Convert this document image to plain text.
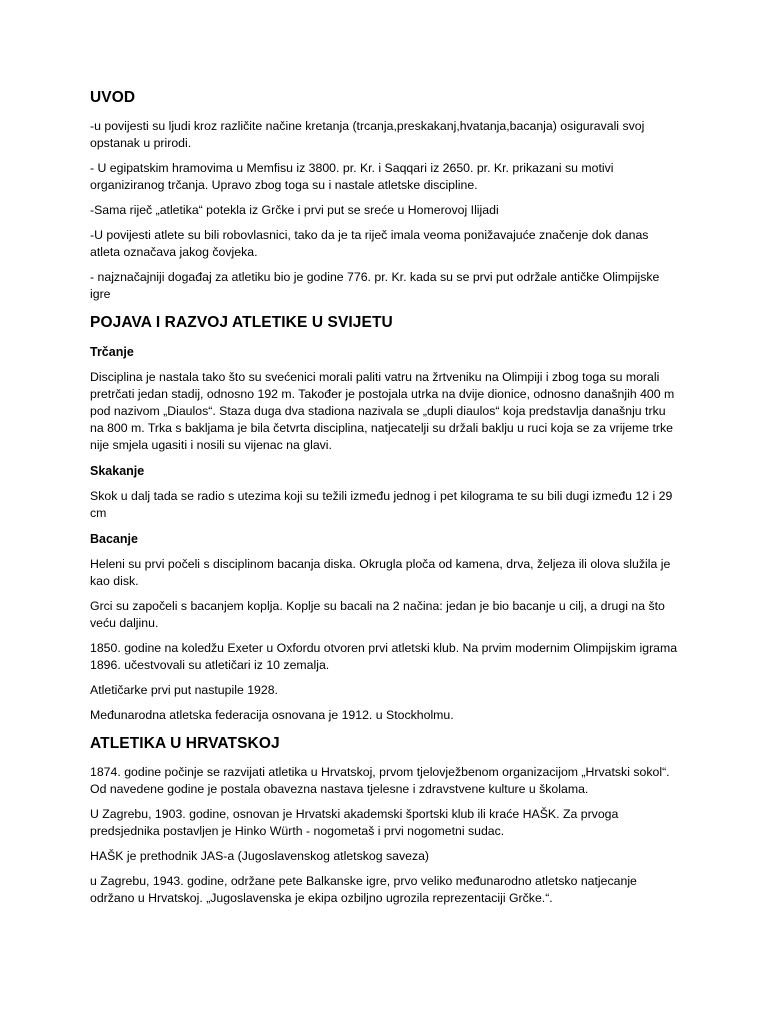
UVOD

-u povijesti su ljudi kroz različite načine kretanja (trcanja,preskakanj,hvatanja,bacanja) osiguravali svoj opstanak u prirodi.

- U egipatskim hramovima u Memfisu iz 3800. pr. Kr. i Saqqari iz 2650. pr. Kr. prikazani su motivi organiziranog trčanja. Upravo zbog toga su i nastale atletske discipline.

-Sama riječ „atletika“ potekla iz Grčke i prvi put se sreće u Homerovoj Ilijadi

-U povijesti atlete su bili robovlasnici, tako da je ta riječ imala veoma ponižavajuće značenje dok danas atleta označava jakog čovjeka.

- najznačajniji događaj za atletiku bio je godine 776. pr. Kr. kada su se prvi put održale antičke Olimpijske igre

POJAVA I RAZVOJ ATLETIKE U SVIJETU
Trčanje

Disciplina je nastala tako što su svećenici morali paliti vatru na žrtveniku na Olimpiji i zbog toga su morali pretrčati jedan stadij, odnosno 192 m. Također je postojala utrka na dvije dionice, odnosno današnjih 400 m pod nazivom „Diaulos“. Staza duga dva stadiona nazivala se „dupli diaulos“ koja predstavlja današnju trku na 800 m. Trka s bakljama je bila četvrta disciplina, natjecatelji su držali baklju u ruci koja se za vrijeme trke nije smjela ugasiti i nosili su vijenac na glavi.

Skakanje

Skok u dalj tada se radio s utezima koji su težili između jednog i pet kilograma te su bili dugi između 12 i 29 cm

Bacanje

Heleni su prvi počeli s disciplinom bacanja diska. Okrugla ploča od kamena, drva, željeza ili olova služila je kao disk.

Grci su započeli s bacanjem koplja. Koplje su bacali na 2 načina: jedan je bio bacanje u cilj, a drugi na što veću daljinu.

1850. godine na koledžu Exeter u Oxfordu otvoren prvi atletski klub. Na prvim modernim Olimpijskim igrama 1896. učestvovali su atletičari iz 10 zemalja.

Atletičarke prvi put nastupile 1928.

Međunarodna atletska federacija osnovana je 1912. u Stockholmu.

ATLETIKA U HRVATSKOJ

1874. godine počinje se razvijati atletika u Hrvatskoj, prvom tjelovježbenom organizacijom „Hrvatski sokol“. Od navedene godine je postala obavezna nastava tjelesne i zdravstvene kulture u školama.

U Zagrebu, 1903. godine, osnovan je Hrvatski akademski športski klub ili kraće HAŠK. Za prvoga predsjednika postavljen je Hinko Würth - nogometaš i prvi nogometni sudac.

HAŠK je prethodnik JAS-a (Jugoslavenskog atletskog saveza)

u Zagrebu, 1943. godine, održane pete Balkanske igre, prvo veliko međunarodno atletsko natjecanje održano u Hrvatskoj. „Jugoslavenska je ekipa ozbiljno ugrozila reprezentaciji Grčke.“.
